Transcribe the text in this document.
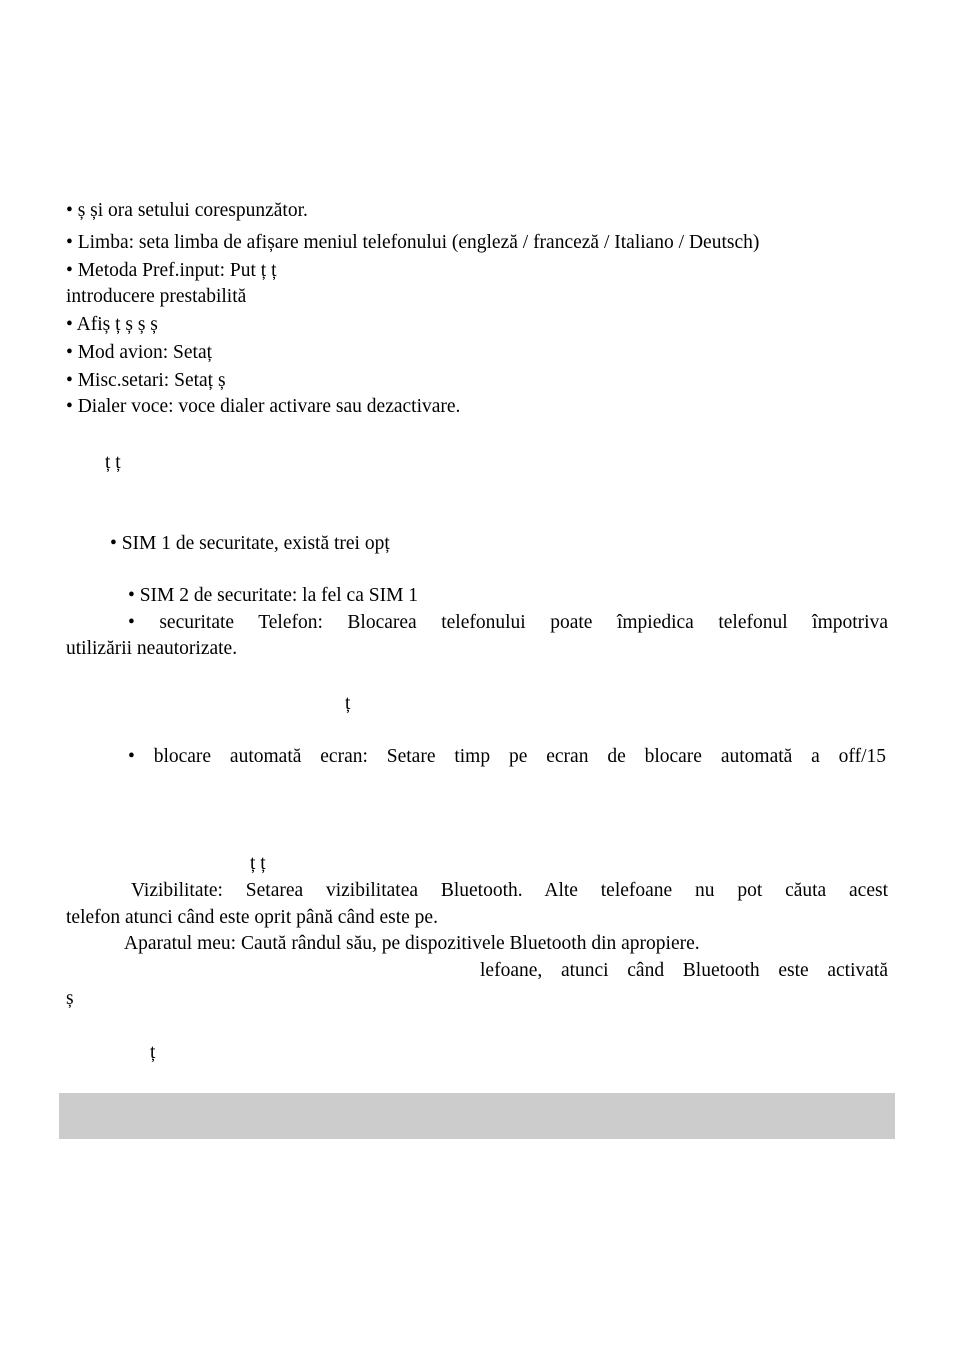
• ș și ora setului corespunzător.
• Limba: seta limba de afișare meniul telefonului (engleză / franceză / Italiano / Deutsch)
• Metoda Pref.input: Put ț ț
introducere prestabilită
• Afiș ț ș ș ș
• Mod avion: Setaț
• Misc.setari: Setaț ș
• Dialer voce: voce dialer activare sau dezactivare.
ț ț
• SIM 1 de securitate, există trei opț
• SIM 2 de securitate: la fel ca SIM 1
• securitate Telefon: Blocarea telefonului poate împiedica telefonul împotriva
utilizării neautorizate.
ț
• blocare automată ecran: Setare timp pe ecran de blocare automată a off/15
ț ț
Vizibilitate: Setarea vizibilitatea Bluetooth. Alte telefoane nu pot căuta acest
telefon atunci când este oprit până când este pe.
Aparatul meu: Caută rândul său, pe dispozitivele Bluetooth din apropiere.
lefoane, atunci când Bluetooth este activată
ș
ț
